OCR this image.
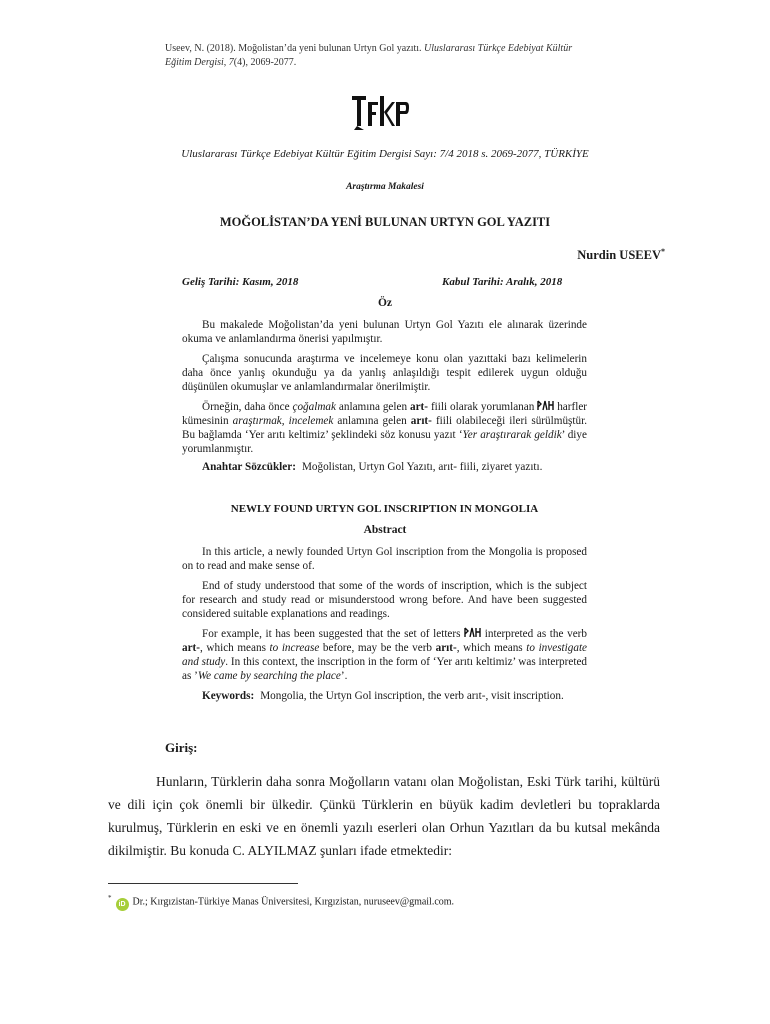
Useev, N. (2018). Moğolistan’da yeni bulunan Urtyn Gol yazıtı. Uluslararası Türkçe Edebiyat Kültür
Eğitim Dergisi, 7(4), 2069-2077.
Uluslararası Türkçe Edebiyat Kültür Eğitim Dergisi Sayı: 7/4 2018 s. 2069-2077, TÜRKİYE
Araştırma Makalesi
MOĞOLİSTAN’DA YENİ BULUNAN URTYN GOL YAZITI
Nurdin USEEV*
Geliş Tarihi: Kasım, 2018	Kabul Tarihi: Aralık, 2018
Öz

Bu makalede Moğolistan’da yeni bulunan Urtyn Gol Yazıtı ele alınarak üzerinde okuma ve anlamlandırma önerisi yapılmıştır.

Çalışma sonucunda araştırma ve incelemeye konu olan yazıttaki bazı kelimelerin daha önce yanlış okunduğu ya da yanlış anlaşıldığı tespit edilerek uygun olduğu düşünülen okumuşlar ve anlamlandırmalar önerilmiştir.

Örneğin, daha önce çoğalmak anlamına gelen art- fiili olarak yorumlanan  harfler kümesinin araştırmak, incelemek anlamına gelen arıt- fiili olabileceği ileri sürülmüştür. Bu bağlamda ‘Yer arıtı keltimiz’ şeklindeki söz konusu yazıt ‘Yer araştırarak geldik’ diye yorumlanmıştır.

Anahtar Sözcükler: Moğolistan, Urtyn Gol Yazıtı, arıt- fiili, ziyaret yazıtı.
NEWLY FOUND URTYN GOL INSCRIPTION IN MONGOLIA
Abstract

In this article, a newly founded Urtyn Gol inscription from the Mongolia is proposed on to read and make sense of.

End of study understood that some of the words of inscription, which is the subject for research and study read or misunderstood wrong before. And have been suggested considered suitable explanations and readings.

For example, it has been suggested that the set of letters  interpreted as the verb art-, which means to increase before, may be the verb arıt-, which means to investigate and study. In this context, the inscription in the form of ‘Yer arıtı keltimiz’ was interpreted as ’We came by searching the place’.

Keywords: Mongolia, the Urtyn Gol inscription, the verb arıt-, visit inscription.
Giriş:
Hunların, Türklerin daha sonra Moğolların vatanı olan Moğolistan, Eski Türk tarihi, kültürü ve dili için çok önemli bir ülkedir. Çünkü Türklerin en büyük kadim devletleri bu topraklarda kurulmuş, Türklerin en eski ve en önemli yazılı eserleri olan Orhun Yazıtları da bu kutsal mekânda dikilmiştir. Bu konuda C. ALYILMAZ şunları ifade etmektedir:
*iD Dr.; Kırgızistan-Türkiye Manas Üniversitesi, Kırgızistan, nuruseev@gmail.com.
